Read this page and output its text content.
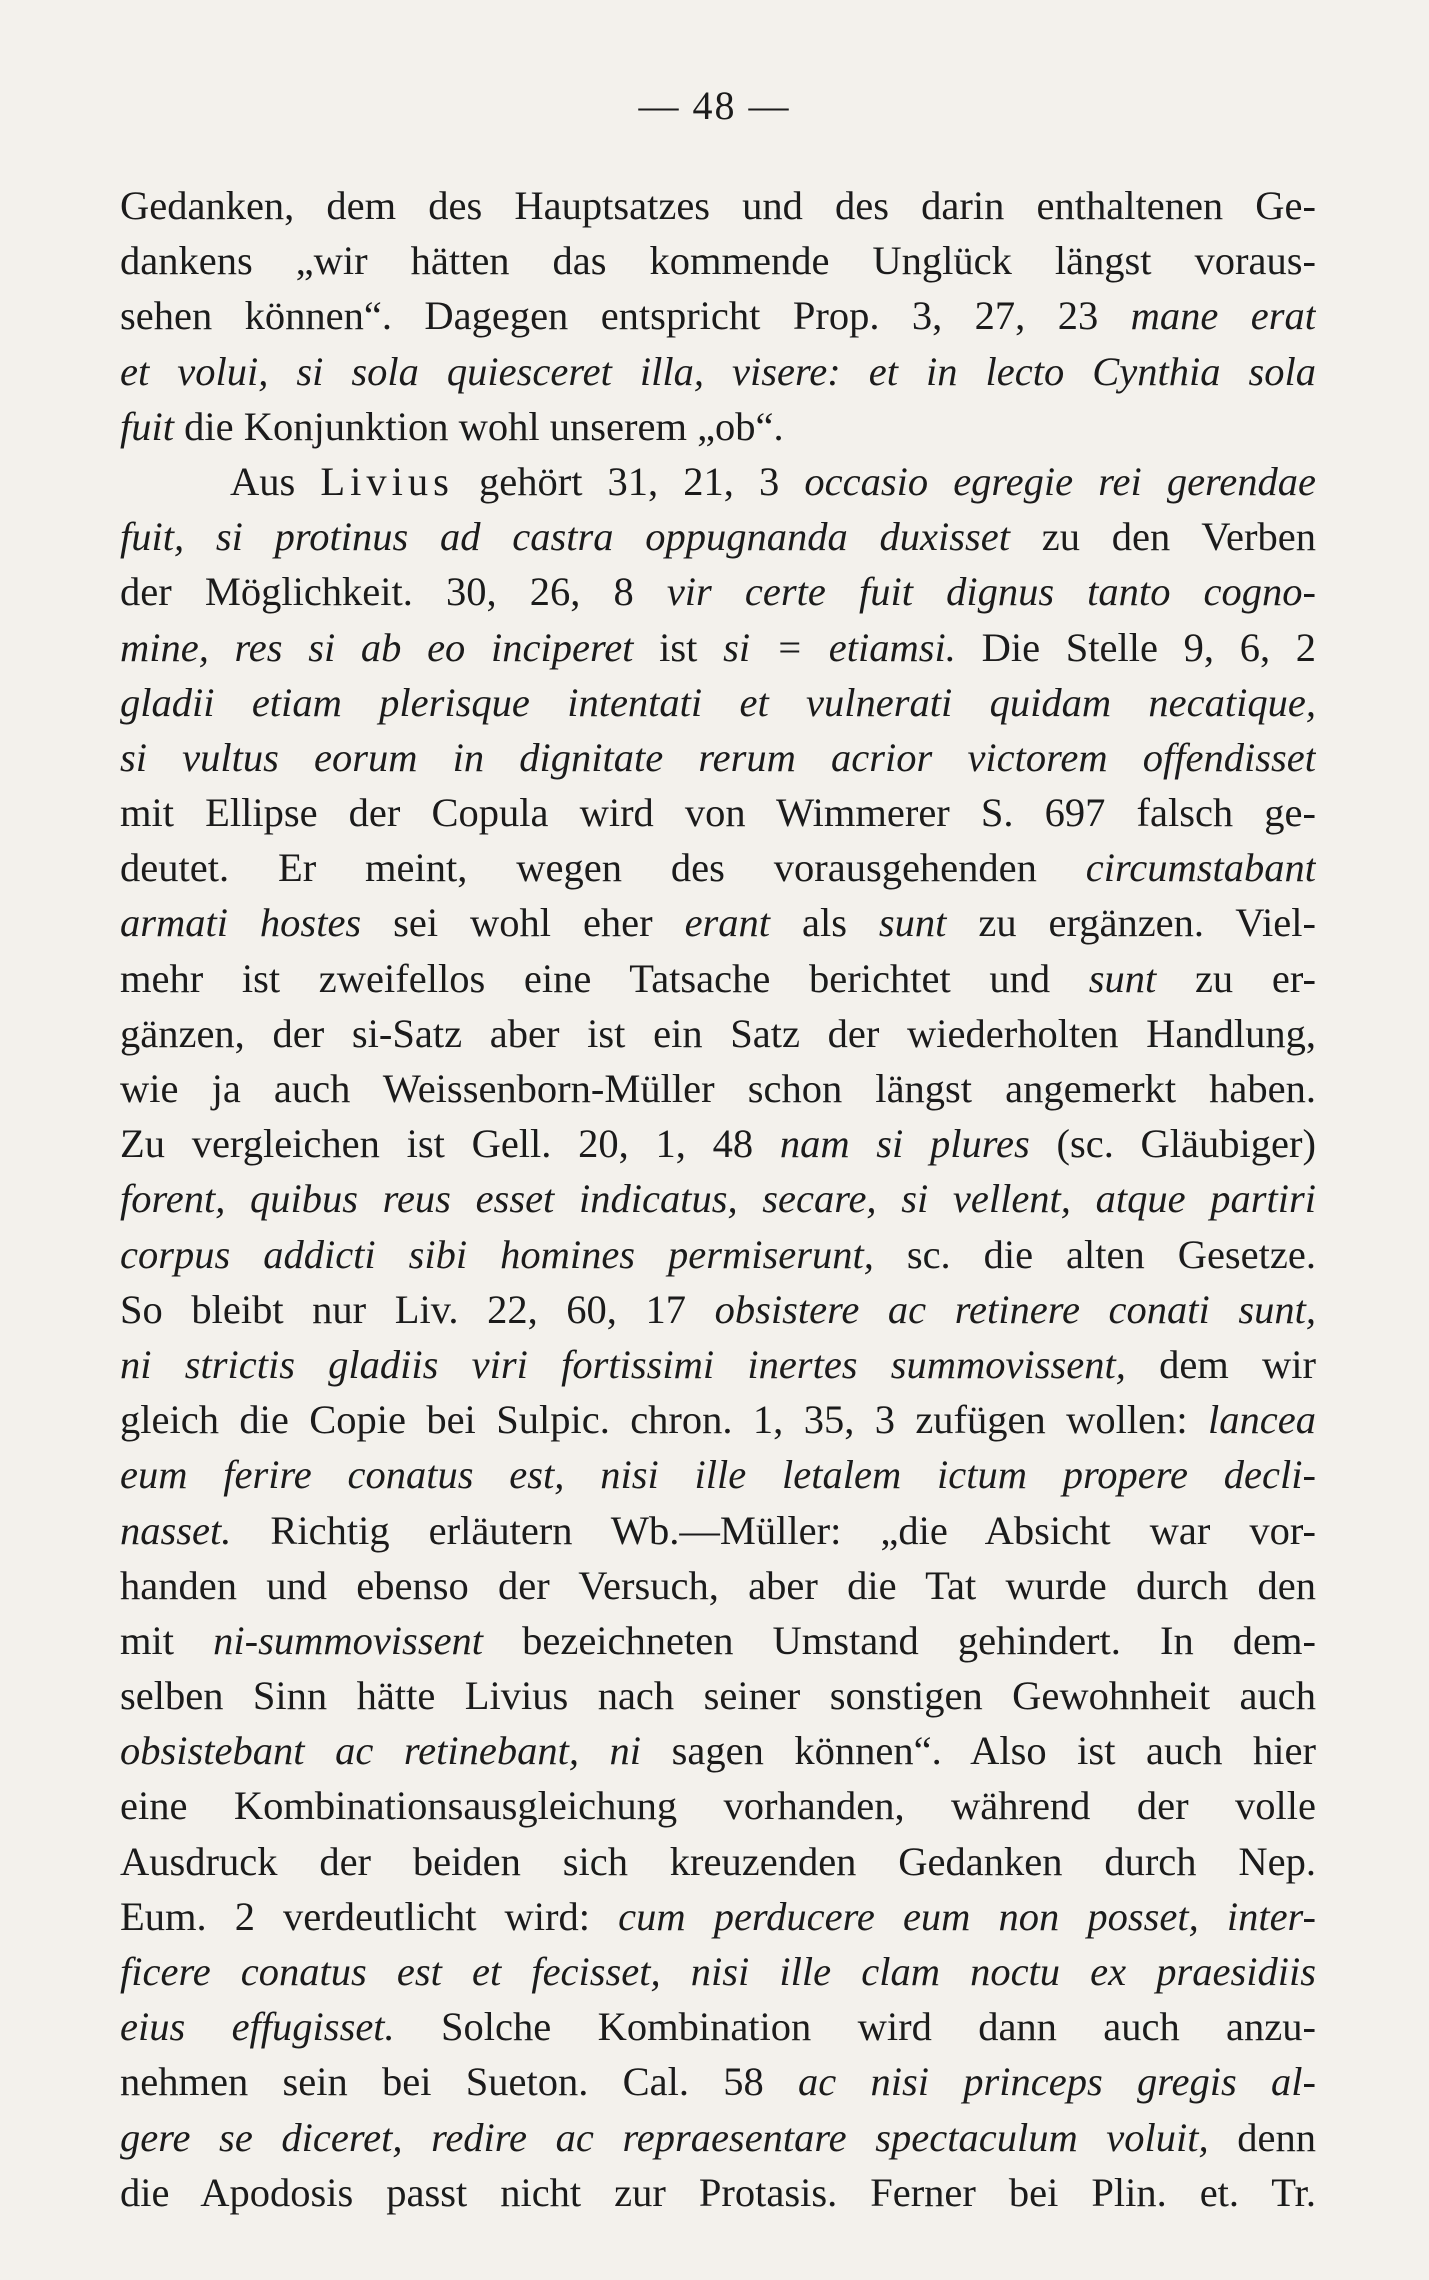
— 48 —
Gedanken, dem des Hauptsatzes und des darin enthaltenen Ge-
dankens „wir hätten das kommende Unglück längst voraus-
sehen können“. Dagegen entspricht Prop. 3, 27, 23 mane erat
et volui, si sola quiesceret illa, visere: et in lecto Cynthia sola
fuit die Konjunktion wohl unserem „ob“.
Aus Livius gehört 31, 21, 3 occasio egregie rei gerendae
fuit, si protinus ad castra oppugnanda duxisset zu den Verben
der Möglichkeit. 30, 26, 8 vir certe fuit dignus tanto cogno-
mine, res si ab eo inciperet ist si = etiamsi. Die Stelle 9, 6, 2
gladii etiam plerisque intentati et vulnerati quidam necatique,
si vultus eorum in dignitate rerum acrior victorem offendisset
mit Ellipse der Copula wird von Wimmerer S. 697 falsch ge-
deutet. Er meint, wegen des vorausgehenden circumstabant
armati hostes sei wohl eher erant als sunt zu ergänzen. Viel-
mehr ist zweifellos eine Tatsache berichtet und sunt zu er-
gänzen, der si-Satz aber ist ein Satz der wiederholten Handlung,
wie ja auch Weissenborn-Müller schon längst angemerkt haben.
Zu vergleichen ist Gell. 20, 1, 48 nam si plures (sc. Gläubiger)
forent, quibus reus esset indicatus, secare, si vellent, atque partiri
corpus addicti sibi homines permiserunt, sc. die alten Gesetze.
So bleibt nur Liv. 22, 60, 17 obsistere ac retinere conati sunt,
ni strictis gladiis viri fortissimi inertes summovissent, dem wir
gleich die Copie bei Sulpic. chron. 1, 35, 3 zufügen wollen: lancea
eum ferire conatus est, nisi ille letalem ictum propere decli-
nasset. Richtig erläutern Wb.—Müller: „die Absicht war vor-
handen und ebenso der Versuch, aber die Tat wurde durch den
mit ni-summovissent bezeichneten Umstand gehindert. In dem-
selben Sinn hätte Livius nach seiner sonstigen Gewohnheit auch
obsistebant ac retinebant, ni sagen können“. Also ist auch hier
eine Kombinationsausgleichung vorhanden, während der volle
Ausdruck der beiden sich kreuzenden Gedanken durch Nep.
Eum. 2 verdeutlicht wird: cum perducere eum non posset, inter-
ficere conatus est et fecisset, nisi ille clam noctu ex praesidiis
eius effugisset. Solche Kombination wird dann auch anzu-
nehmen sein bei Sueton. Cal. 58 ac nisi princeps gregis al-
gere se diceret, redire ac repraesentare spectaculum voluit, denn
die Apodosis passt nicht zur Protasis. Ferner bei Plin. et. Tr.
